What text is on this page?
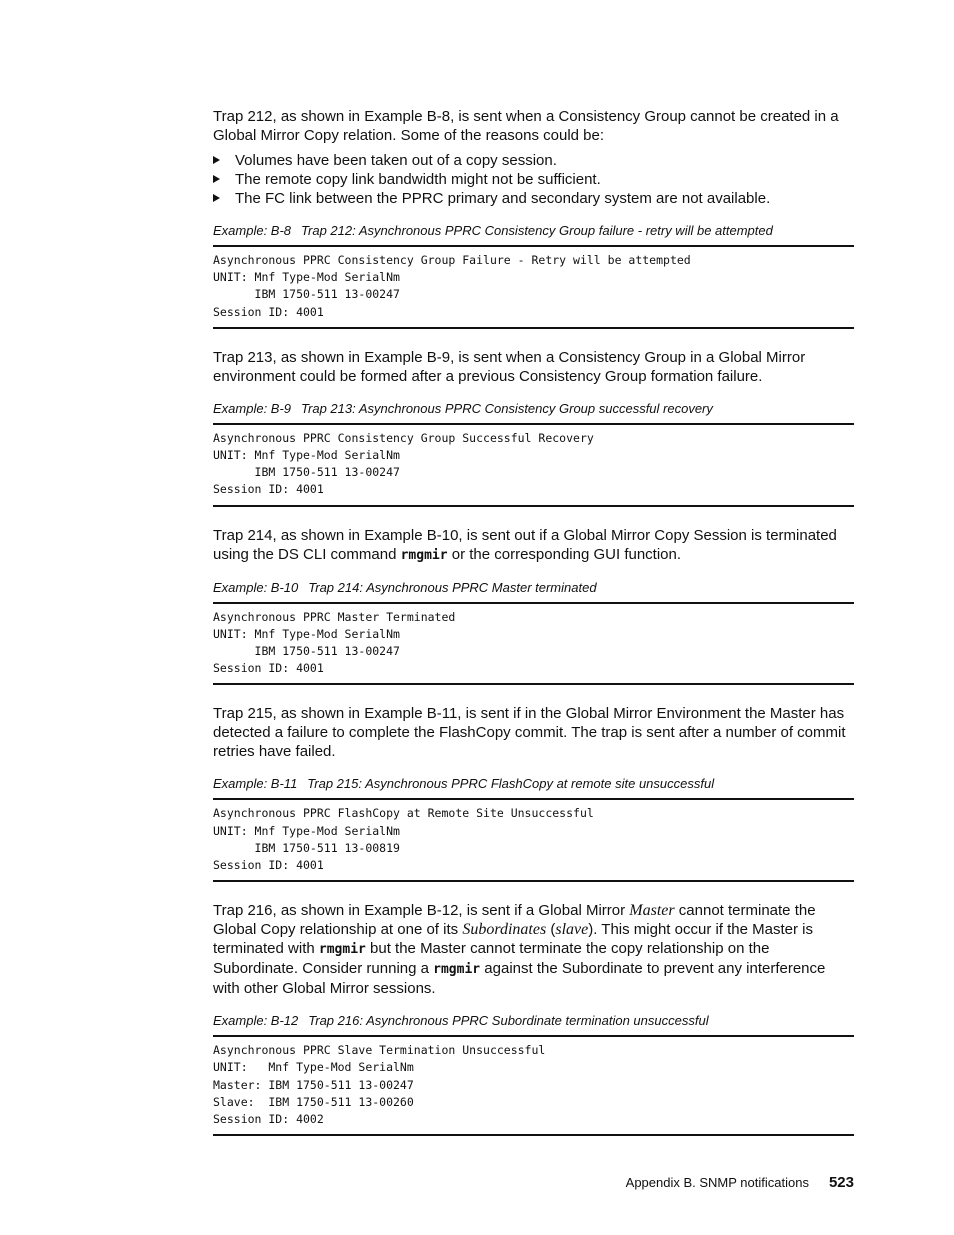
Trap 212, as shown in Example B-8, is sent when a Consistency Group cannot be created in a Global Mirror Copy relation. Some of the reasons could be:

Volumes have been taken out of a copy session.
The remote copy link bandwidth might not be sufficient.
The FC link between the PPRC primary and secondary system are not available.

Example: B-8 Trap 212: Asynchronous PPRC Consistency Group failure - retry will be attempted

Asynchronous PPRC Consistency Group Failure - Retry will be attempted
UNIT: Mnf Type-Mod SerialNm
IBM 1750-511 13-00247
Session ID: 4001

Trap 213, as shown in Example B-9, is sent when a Consistency Group in a Global Mirror environment could be formed after a previous Consistency Group formation failure.

Example: B-9 Trap 213: Asynchronous PPRC Consistency Group successful recovery

Asynchronous PPRC Consistency Group Successful Recovery
UNIT: Mnf Type-Mod SerialNm
IBM 1750-511 13-00247
Session ID: 4001

Trap 214, as shown in Example B-10, is sent out if a Global Mirror Copy Session is terminated using the DS CLI command rmgmir or the corresponding GUI function.

Example: B-10 Trap 214: Asynchronous PPRC Master terminated

Asynchronous PPRC Master Terminated
UNIT: Mnf Type-Mod SerialNm
IBM 1750-511 13-00247
Session ID: 4001

Trap 215, as shown in Example B-11, is sent if in the Global Mirror Environment the Master has detected a failure to complete the FlashCopy commit. The trap is sent after a number of commit retries have failed.

Example: B-11 Trap 215: Asynchronous PPRC FlashCopy at remote site unsuccessful

Asynchronous PPRC FlashCopy at Remote Site Unsuccessful
UNIT: Mnf Type-Mod SerialNm
IBM 1750-511 13-00819
Session ID: 4001

Trap 216, as shown in Example B-12, is sent if a Global Mirror Master cannot terminate the Global Copy relationship at one of its Subordinates (slave). This might occur if the Master is terminated with rmgmir but the Master cannot terminate the copy relationship on the Subordinate. Consider running a rmgmir against the Subordinate to prevent any interference with other Global Mirror sessions.

Example: B-12 Trap 216: Asynchronous PPRC Subordinate termination unsuccessful

Asynchronous PPRC Slave Termination Unsuccessful
UNIT:   Mnf Type-Mod SerialNm
Master: IBM 1750-511 13-00247
Slave:  IBM 1750-511 13-00260
Session ID: 4002
Appendix B. SNMP notifications 523
